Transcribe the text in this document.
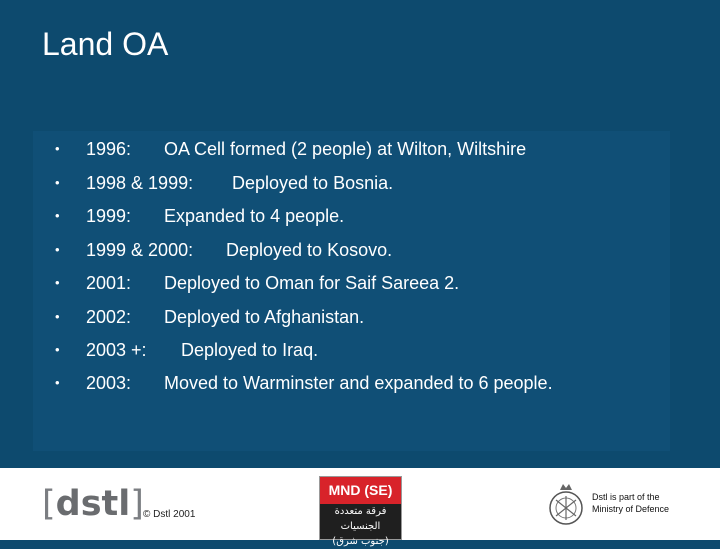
Land OA
• 1996: OA Cell formed (2 people) at Wilton, Wiltshire
• 1998 & 1999: Deployed to Bosnia.
• 1999: Expanded to 4 people.
• 1999 & 2000: Deployed to Kosovo.
• 2001: Deployed to Oman for Saif Sareea 2.
• 2002: Deployed to Afghanistan.
• 2003 +: Deployed to Iraq.
• 2003: Moved to Warminster and expanded to 6 people.
[dstl] © Dstl 2001
MND (SE)
فرقة متعددة الجنسيات
(جنوب شرق)
Dstl is part of the
Ministry of Defence
